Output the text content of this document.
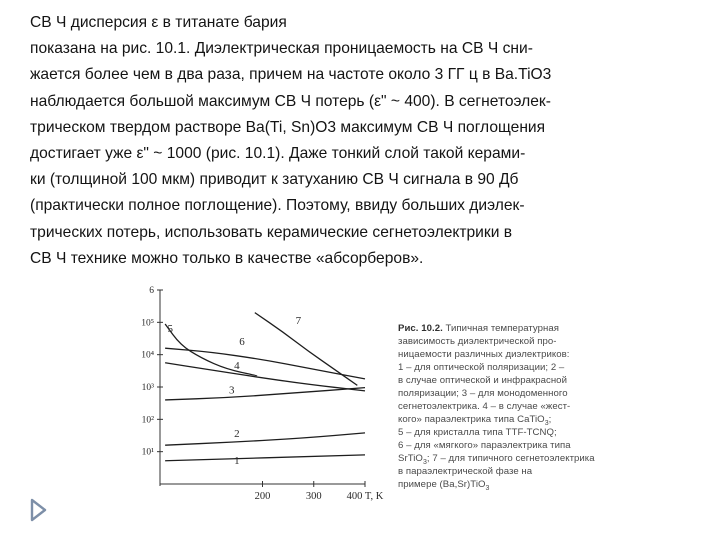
СВ Ч дисперсия ε в титанате бария
показана на рис. 10.1. Диэлектрическая проницаемость на СВ Ч сни-
жается более чем в два раза, причем на частоте около 3 ГГ ц в Ba.TiO3
наблюдается большой максимум СВ Ч потерь (ε" ~ 400). В сегнетоэлек-
трическом твердом растворе Ba(Ti, Sn)O3 максимум СВ Ч поглощения
достигает уже ε" ~ 1000 (рис. 10.1). Даже тонкий слой такой керами-
ки (толщиной 100 мкм) приводит к затуханию СВ Ч сигнала в 90 Дб
(практически полное поглощение). Поэтому, ввиду больших диэлек-
трических потерь, использовать керамические сегнетоэлектрики в
СВ Ч технике можно только в качестве «абсорберов».
10¹
10²
10³
10⁴
10⁵
6
200	300 400 T, K
1
2
3
4
5
6
7
Рис. 10.2. Типичная температурная
зависимость диэлектрической про-
ницаемости различных диэлектриков:
1 – для оптической поляризации; 2 –
в случае оптической и инфракрасной
поляризации; 3 – для монодоменного
сегнетоэлектрика. 4 – в случае «жест-
кого» параэлектрика типа CaTiO$_3$;
5 – для кристалла типа TTF-TCNQ;
6 – для «мягкого» параэлектрика типа
SrTiO$_3$; 7 – для типичного сегнетоэлектрика
в параэлектрической фазе на
примере (Ba,Sr)TiO$_3$
